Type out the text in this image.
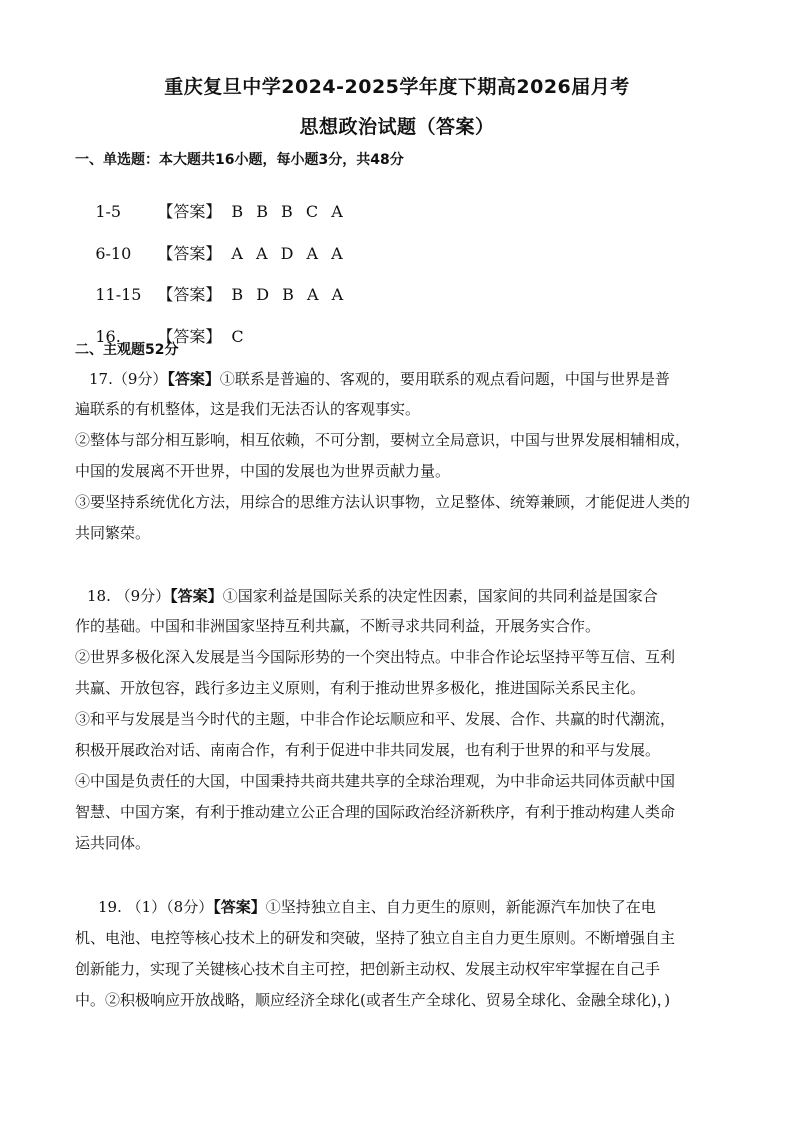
重庆复旦中学2024-2025学年度下期高2026届月考
思想政治试题（答案）
一、单选题：本大题共16小题，每小题3分，共48分

1-5 【答案】 B B B C A

6-10 【答案】 A A D A A

11-15 【答案】 B D B A A

16. 【答案】 C

二、主观题52分
17.（9分）【答案】①联系是普遍的、客观的，要用联系的观点看问题，中国与世界是普
遍联系的有机整体，这是我们无法否认的客观事实。
②整体与部分相互影响，相互依赖，不可分割，要树立全局意识，中国与世界发展相辅相成，
中国的发展离不开世界，中国的发展也为世界贡献力量。
③要坚持系统优化方法，用综合的思维方法认识事物，立足整体、统筹兼顾，才能促进人类的
共同繁荣。
18. （9分）【答案】①国家利益是国际关系的决定性因素，国家间的共同利益是国家合
作的基础。中国和非洲国家坚持互利共赢，不断寻求共同利益，开展务实合作。
②世界多极化深入发展是当今国际形势的一个突出特点。中非合作论坛坚持平等互信、互利
共赢、开放包容，践行多边主义原则，有利于推动世界多极化，推进国际关系民主化。
③和平与发展是当今时代的主题，中非合作论坛顺应和平、发展、合作、共赢的时代潮流，
积极开展政治对话、南南合作，有利于促进中非共同发展，也有利于世界的和平与发展。
④中国是负责任的大国，中国秉持共商共建共享的全球治理观，为中非命运共同体贡献中国
智慧、中国方案，有利于推动建立公正合理的国际政治经济新秩序，有利于推动构建人类命
运共同体。
19. （1）（8分）【答案】①坚持独立自主、自力更生的原则，新能源汽车加快了在电
机、电池、电控等核心技术上的研发和突破，坚持了独立自主自力更生原则。不断增强自主
创新能力，实现了关键核心技术自主可控，把创新主动权、发展主动权牢牢掌握在自己手
中。②积极响应开放战略，顺应经济全球化(或者生产全球化、贸易全球化、金融全球化)，)
